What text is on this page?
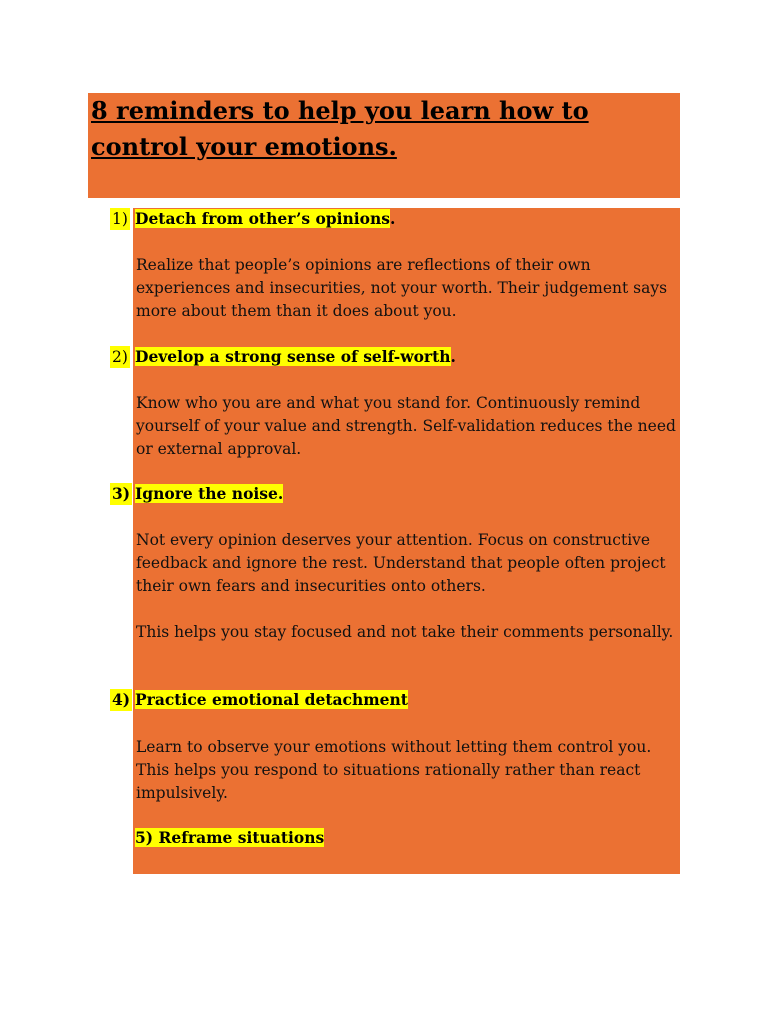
8 reminders to help you learn how to control your emotions.
1) Detach from other’s opinions.

Realize that people’s opinions are reflections of their own experiences and insecurities, not your worth. Their judgement says more about them than it does about you.

2) Develop a strong sense of self-worth.

Know who you are and what you stand for. Continuously remind yourself of your value and strength. Self-validation reduces the need or external approval.

3) Ignore the noise.

Not every opinion deserves your attention. Focus on constructive feedback and ignore the rest. Understand that people often project their own fears and insecurities onto others.

This helps you stay focused and not take their comments personally.

4) Practice emotional detachment

Learn to observe your emotions without letting them control you. This helps you respond to situations rationally rather than react impulsively.

5) Reframe situations
